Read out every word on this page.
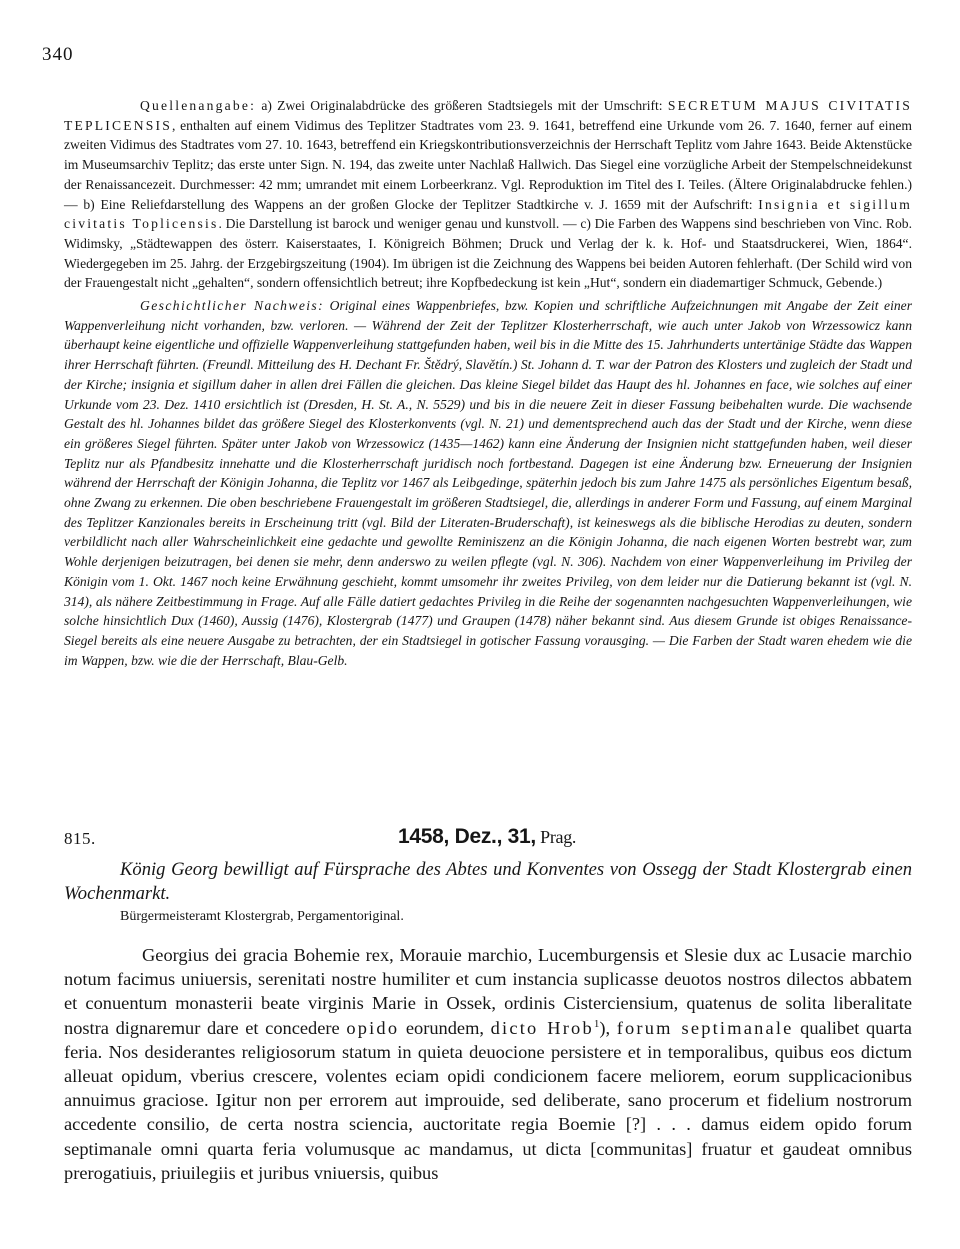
340

Quellenangabe: a) Zwei Originalabdrücke des größeren Stadtsiegels mit der Umschrift: SECRETUM MAJUS CIVITATIS TEPLICENSIS, enthalten auf einem Vidimus des Teplitzer Stadtrates vom 23. 9. 1641, betreffend eine Urkunde vom 26. 7. 1640, ferner auf einem zweiten Vidimus des Stadtrates vom 27. 10. 1643, betreffend ein Kriegskontributionsverzeichnis der Herrschaft Teplitz vom Jahre 1643. Beide Aktenstücke im Museumsarchiv Teplitz; das erste unter Sign. N. 194, das zweite unter Nachlaß Hallwich. Das Siegel eine vorzügliche Arbeit der Stempelschneidekunst der Renaissancezeit. Durchmesser: 42 mm; umrandet mit einem Lorbeerkranz. Vgl. Reproduktion im Titel des I. Teiles. (Ältere Originalabdrucke fehlen.) — b) Eine Reliefdarstellung des Wappens an der großen Glocke der Teplitzer Stadtkirche v. J. 1659 mit der Aufschrift: Insignia et sigillum civitatis Toplicensis. Die Darstellung ist barock und weniger genau und kunstvoll. — c) Die Farben des Wappens sind beschrieben von Vinc. Rob. Widimsky, „Städtewappen des österr. Kaiserstaates, I. Königreich Böhmen; Druck und Verlag der k. k. Hof- und Staatsdruckerei, Wien, 1864“. Wiedergegeben im 25. Jahrg. der Erzgebirgszeitung (1904). Im übrigen ist die Zeichnung des Wappens bei beiden Autoren fehlerhaft. (Der Schild wird von der Frauengestalt nicht „gehalten“, sondern offensichtlich betreut; ihre Kopfbedeckung ist kein „Hut“, sondern ein diademartiger Schmuck, Gebende.)

Geschichtlicher Nachweis: Original eines Wappenbriefes, bzw. Kopien und schriftliche Aufzeichnungen mit Angabe der Zeit einer Wappenverleihung nicht vorhanden, bzw. verloren. — Während der Zeit der Teplitzer Klosterherrschaft, wie auch unter Jakob von Wrzessowicz kann überhaupt keine eigentliche und offizielle Wappenverleihung stattgefunden haben, weil bis in die Mitte des 15. Jahrhunderts untertänige Städte das Wappen ihrer Herrschaft führten. (Freundl. Mitteilung des H. Dechant Fr. Štědrý, Slavětín.) St. Johann d. T. war der Patron des Klosters und zugleich der Stadt und der Kirche; insignia et sigillum daher in allen drei Fällen die gleichen. Das kleine Siegel bildet das Haupt des hl. Johannes en face, wie solches auf einer Urkunde vom 23. Dez. 1410 ersichtlich ist (Dresden, H. St. A., N. 5529) und bis in die neuere Zeit in dieser Fassung beibehalten wurde. Die wachsende Gestalt des hl. Johannes bildet das größere Siegel des Klosterkonvents (vgl. N. 21) und dementsprechend auch das der Stadt und der Kirche, wenn diese ein größeres Siegel führten. Später unter Jakob von Wrzessowicz (1435—1462) kann eine Änderung der Insignien nicht stattgefunden haben, weil dieser Teplitz nur als Pfandbesitz innehatte und die Klosterherrschaft juridisch noch fortbestand. Dagegen ist eine Änderung bzw. Erneuerung der Insignien während der Herrschaft der Königin Johanna, die Teplitz vor 1467 als Leibgedinge, späterhin jedoch bis zum Jahre 1475 als persönliches Eigentum besaß, ohne Zwang zu erkennen. Die oben beschriebene Frauengestalt im größeren Stadtsiegel, die, allerdings in anderer Form und Fassung, auf einem Marginal des Teplitzer Kanzionales bereits in Erscheinung tritt (vgl. Bild der Literaten-Bruderschaft), ist keineswegs als die biblische Herodias zu deuten, sondern verbildlicht nach aller Wahrscheinlichkeit eine gedachte und gewollte Reminiszenz an die Königin Johanna, die nach eigenen Worten bestrebt war, zum Wohle derjenigen beizutragen, bei denen sie mehr, denn anderswo zu weilen pflegte (vgl. N. 306). Nachdem von einer Wappenverleihung im Privileg der Königin vom 1. Okt. 1467 noch keine Erwähnung geschieht, kommt umsomehr ihr zweites Privileg, von dem leider nur die Datierung bekannt ist (vgl. N. 314), als nähere Zeitbestimmung in Frage. Auf alle Fälle datiert gedachtes Privileg in die Reihe der sogenannten nachgesuchten Wappenverleihungen, wie solche hinsichtlich Dux (1460), Aussig (1476), Klostergrab (1477) und Graupen (1478) näher bekannt sind. Aus diesem Grunde ist obiges Renaissance-Siegel bereits als eine neuere Ausgabe zu betrachten, der ein Stadtsiegel in gotischer Fassung vorausging. — Die Farben der Stadt waren ehedem wie die im Wappen, bzw. wie die der Herrschaft, Blau-Gelb.

815.	1458, Dez., 31, Prag.

König Georg bewilligt auf Fürsprache des Abtes und Konventes von Ossegg der Stadt Klostergrab einen Wochenmarkt.

Bürgermeisteramt Klostergrab, Pergamentoriginal.

Georgius dei gracia Bohemie rex, Morauie marchio, Lucemburgensis et Slesie dux ac Lusacie marchio notum facimus uniuersis, serenitati nostre humiliter et cum instancia suplicasse deuotos nostros dilectos abbatem et conuentum monasterii beate virginis Marie in Ossek, ordinis Cisterciensium, quatenus de solita liberalitate nostra dignaremur dare et concedere opido eorundem, dicto Hrob$^1$), forum septimanale qualibet quarta feria. Nos desiderantes religiosorum statum in quieta deuocione persistere et in temporalibus, quibus eos dictum alleuat opidum, vberius crescere, volentes eciam opidi condicionem facere meliorem, eorum supplicacionibus annuimus graciose. Igitur non per errorem aut improuide, sed deliberate, sano procerum et fidelium nostrorum accedente consilio, de certa nostra sciencia, auctoritate regia Boemie [?] . . . damus eidem opido forum septimanale omni quarta feria volumusque ac mandamus, ut dicta [communitas] fruatur et gaudeat omnibus prerogatiuis, priuilegiis et juribus vniuersis, quibus
